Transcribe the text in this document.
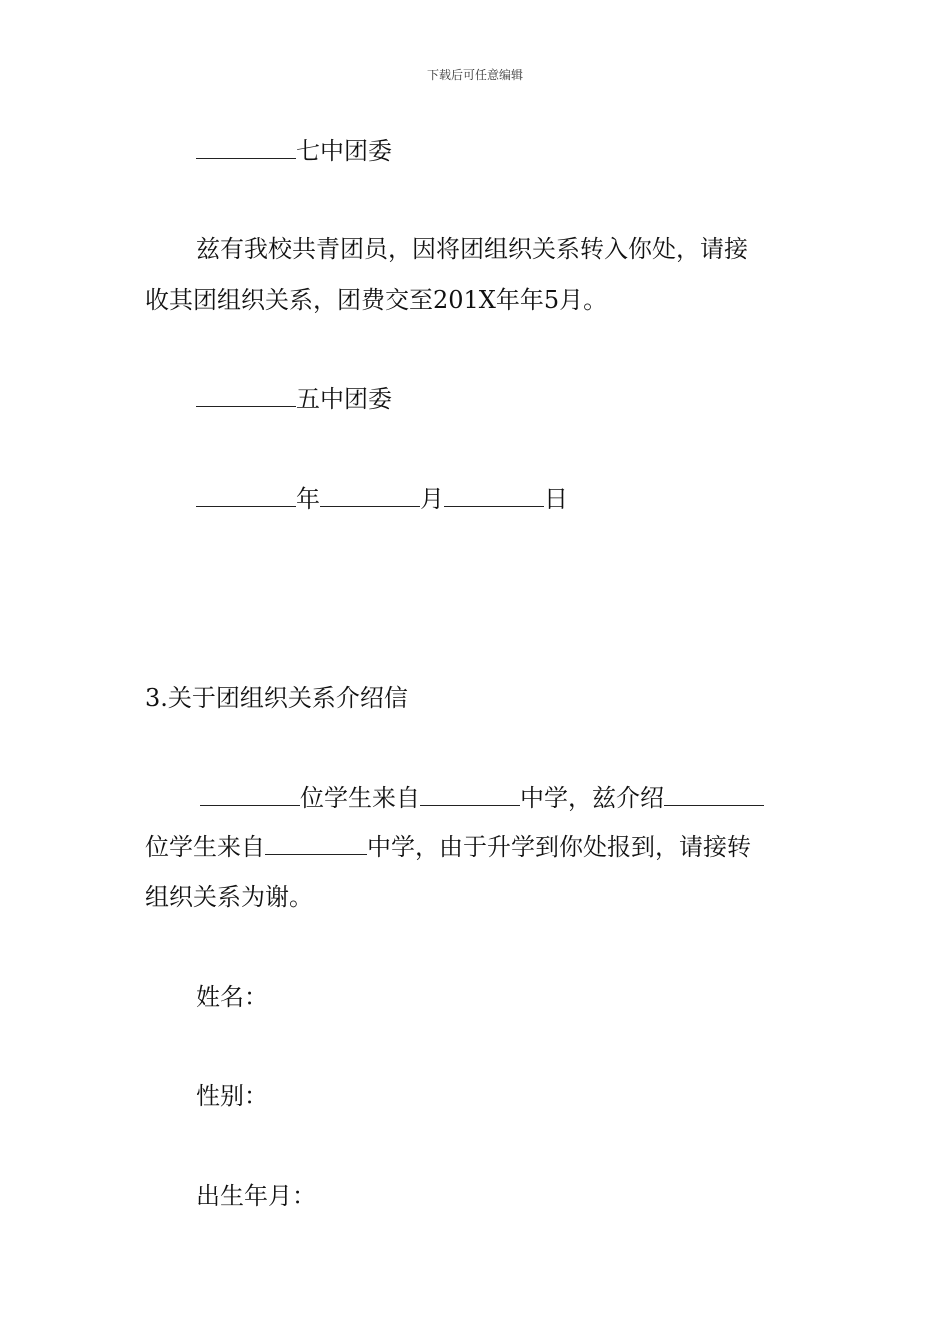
下载后可任意编辑
七中团委
兹有我校共青团员，因将团组织关系转入你处，请接
收其团组织关系，团费交至201X年年5月。
五中团委
年	月	日
3.关于团组织关系介绍信
位学生来自	中学，兹介绍
位学生来自	中学，由于升学到你处报到，请接转
组织关系为谢。
姓名：
性别：
出生年月：
